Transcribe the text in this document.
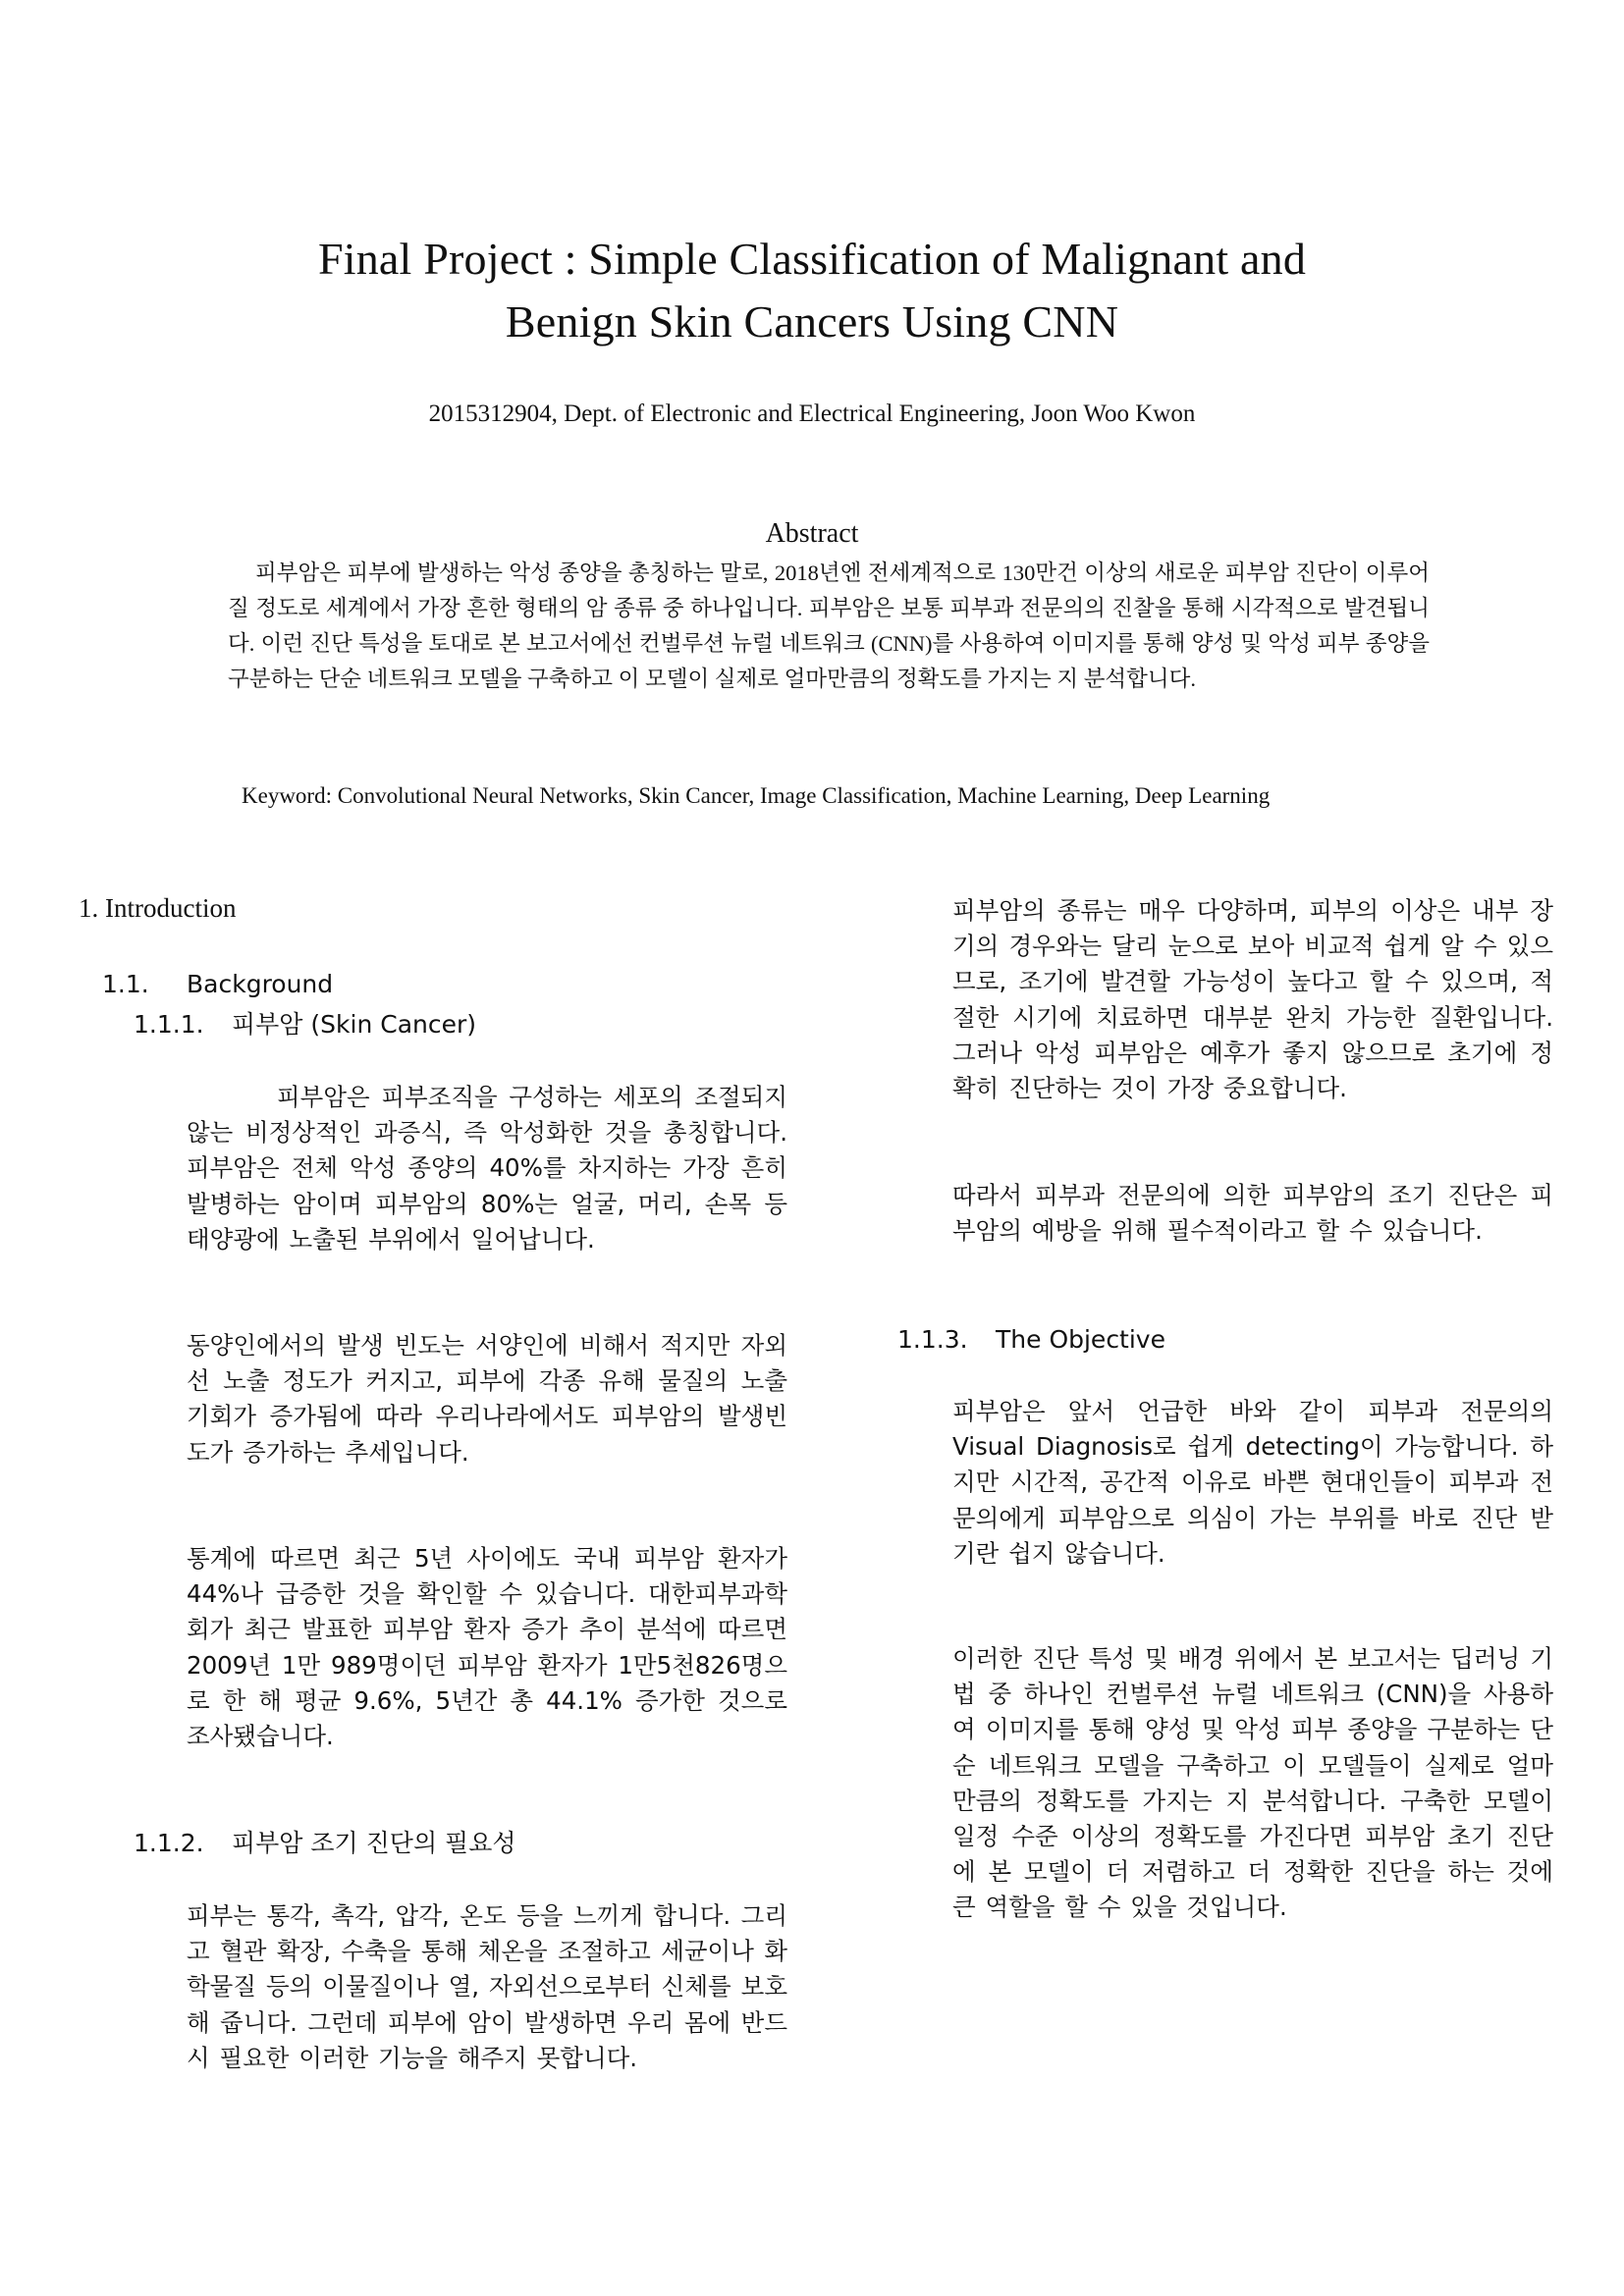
Final Project : Simple Classification of Malignant and
Benign Skin Cancers Using CNN
2015312904, Dept. of Electronic and Electrical Engineering, Joon Woo Kwon
Abstract
피부암은 피부에 발생하는 악성 종양을 총칭하는 말로, 2018년엔 전세계적으로 130만건 이상의 새로운 피부암 진단이 이루어질 정도로 세계에서 가장 흔한 형태의 암 종류 중 하나입니다. 피부암은 보통 피부과 전문의의 진찰을 통해 시각적으로 발견됩니다. 이런 진단 특성을 토대로 본 보고서에선 컨벌루션 뉴럴 네트워크 (CNN)를 사용하여 이미지를 통해 양성 및 악성 피부 종양을 구분하는 단순 네트워크 모델을 구축하고 이 모델이 실제로 얼마만큼의 정확도를 가지는 지 분석합니다.
Keyword: Convolutional Neural Networks, Skin Cancer, Image Classification, Machine Learning, Deep Learning
1. Introduction
1.1. Background
1.1.1. 피부암 (Skin Cancer)
피부암은 피부조직을 구성하는 세포의 조절되지 않는 비정상적인 과증식, 즉 악성화한 것을 총칭합니다. 피부암은 전체 악성 종양의 40%를 차지하는 가장 흔히 발병하는 암이며 피부암의 80%는 얼굴, 머리, 손목 등 태양광에 노출된 부위에서 일어납니다.
동양인에서의 발생 빈도는 서양인에 비해서 적지만 자외선 노출 정도가 커지고, 피부에 각종 유해 물질의 노출 기회가 증가됨에 따라 우리나라에서도 피부암의 발생빈도가 증가하는 추세입니다.
통계에 따르면 최근 5년 사이에도 국내 피부암 환자가 44%나 급증한 것을 확인할 수 있습니다. 대한피부과학회가 최근 발표한 피부암 환자 증가 추이 분석에 따르면 2009년 1만 989명이던 피부암 환자가 1만5천826명으로 한 해 평균 9.6%, 5년간 총 44.1% 증가한 것으로 조사됐습니다.
1.1.2. 피부암 조기 진단의 필요성
피부는 통각, 촉각, 압각, 온도 등을 느끼게 합니다. 그리고 혈관 확장, 수축을 통해 체온을 조절하고 세균이나 화학물질 등의 이물질이나 열, 자외선으로부터 신체를 보호해 줍니다. 그런데 피부에 암이 발생하면 우리 몸에 반드시 필요한 이러한 기능을 해주지 못합니다.
피부암의 종류는 매우 다양하며, 피부의 이상은 내부 장기의 경우와는 달리 눈으로 보아 비교적 쉽게 알 수 있으므로, 조기에 발견할 가능성이 높다고 할 수 있으며, 적절한 시기에 치료하면 대부분 완치 가능한 질환입니다. 그러나 악성 피부암은 예후가 좋지 않으므로 초기에 정확히 진단하는 것이 가장 중요합니다.
따라서 피부과 전문의에 의한 피부암의 조기 진단은 피부암의 예방을 위해 필수적이라고 할 수 있습니다.
1.1.3. The Objective
피부암은 앞서 언급한 바와 같이 피부과 전문의의 Visual Diagnosis로 쉽게 detecting이 가능합니다. 하지만 시간적, 공간적 이유로 바쁜 현대인들이 피부과 전문의에게 피부암으로 의심이 가는 부위를 바로 진단 받기란 쉽지 않습니다.
이러한 진단 특성 및 배경 위에서 본 보고서는 딥러닝 기법 중 하나인 컨벌루션 뉴럴 네트워크 (CNN)을 사용하여 이미지를 통해 양성 및 악성 피부 종양을 구분하는 단순 네트워크 모델을 구축하고 이 모델들이 실제로 얼마만큼의 정확도를 가지는 지 분석합니다. 구축한 모델이 일정 수준 이상의 정확도를 가진다면 피부암 초기 진단에 본 모델이 더 저렴하고 더 정확한 진단을 하는 것에 큰 역할을 할 수 있을 것입니다.
